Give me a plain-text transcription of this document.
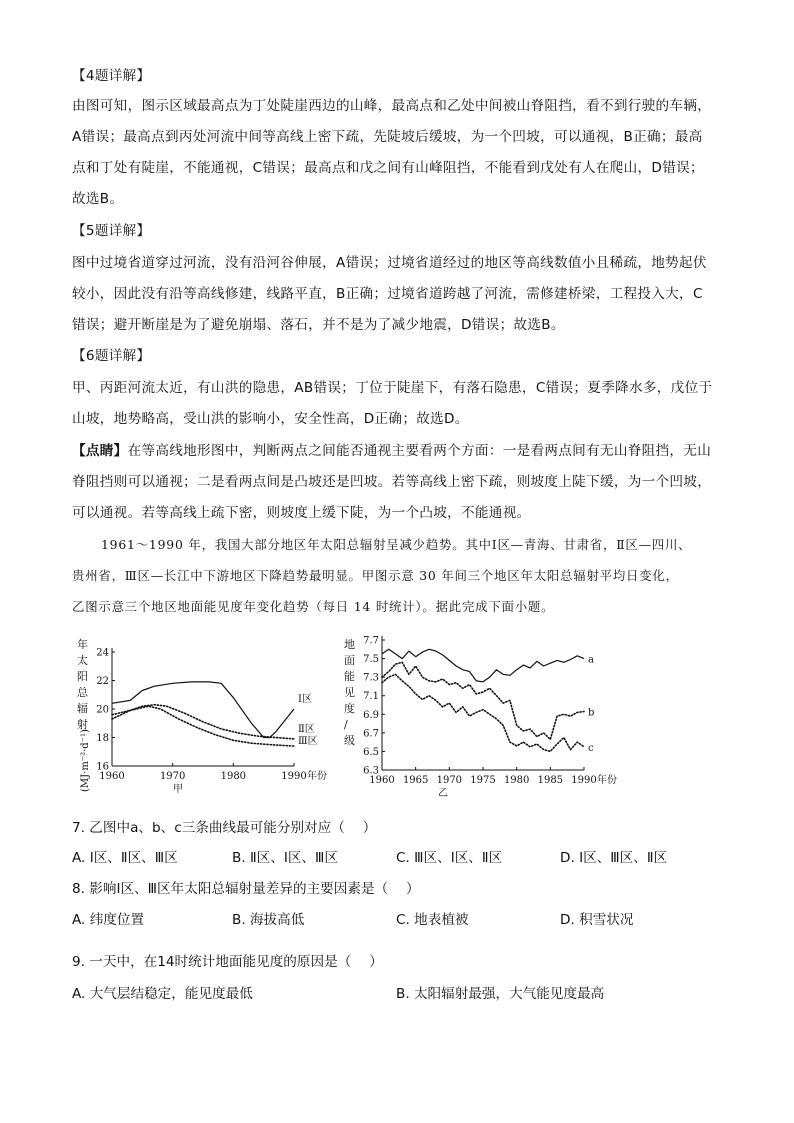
【4题详解】
由图可知，图示区域最高点为丁处陡崖西边的山峰，最高点和乙处中间被山脊阻挡，看不到行驶的车辆，
A错误；最高点到丙处河流中间等高线上密下疏，先陡坡后缓坡，为一个凹坡，可以通视，B正确；最高
点和丁处有陡崖，不能通视，C错误；最高点和戊之间有山峰阻挡，不能看到戊处有人在爬山，D错误；
故选B。
【5题详解】
图中过境省道穿过河流，没有沿河谷伸展，A错误；过境省道经过的地区等高线数值小且稀疏，地势起伏
较小，因此没有沿等高线修建，线路平直，B正确；过境省道跨越了河流，需修建桥梁，工程投入大，C
错误；避开断崖是为了避免崩塌、落石，并不是为了减少地震，D错误；故选B。
【6题详解】
甲、丙距河流太近，有山洪的隐患，AB错误；丁位于陡崖下，有落石隐患，C错误；夏季降水多，戊位于
山坡，地势略高，受山洪的影响小，安全性高，D正确；故选D。
【点睛】在等高线地形图中，判断两点之间能否通视主要看两个方面：一是看两点间有无山脊阻挡，无山
脊阻挡则可以通视；二是看两点间是凸坡还是凹坡。若等高线上密下疏，则坡度上陡下缓，为一个凹坡，
可以通视。若等高线上疏下密，则坡度上缓下陡，为一个凸坡，不能通视。
1961～1990 年，我国大部分地区年太阳总辐射呈减少趋势。其中Ⅰ区—青海、甘肃省，Ⅱ区—四川、
贵州省，Ⅲ区—长江中下游地区下降趋势最明显。甲图示意 30 年间三个地区年太阳总辐射平均日变化，
乙图示意三个地区地面能见度年变化趋势（每日 14 时统计）。据此完成下面小题。
16
18
20
22
24
1960	1970	1980	1990 年份
甲
Ⅰ区
Ⅱ区
Ⅲ区
年
太
阳
总
辐
射
(MJ·m⁻²·d⁻¹)	6.3
6.5
6.7
6.9
7.1
7.3
7.5
7.7
1960 1965 1970 1975 1980 1985 1990 年份
乙
a
b
c
地
面
能
见
度
/
级
7. 乙图中a、b、c三条曲线最可能分别对应（　 ）
A. Ⅰ区、Ⅱ区、Ⅲ区	B. Ⅱ区、Ⅰ区、Ⅲ区	C. Ⅲ区、Ⅰ区、Ⅱ区	D. Ⅰ区、Ⅲ区、Ⅱ区
8. 影响Ⅰ区、Ⅲ区年太阳总辐射量差异的主要因素是（　 ）
A. 纬度位置	B. 海拔高低	C. 地表植被	D. 积雪状况
9. 一天中，在14时统计地面能见度的原因是（　 ）
A. 大气层结稳定，能见度最低	B. 太阳辐射最强，大气能见度最高
